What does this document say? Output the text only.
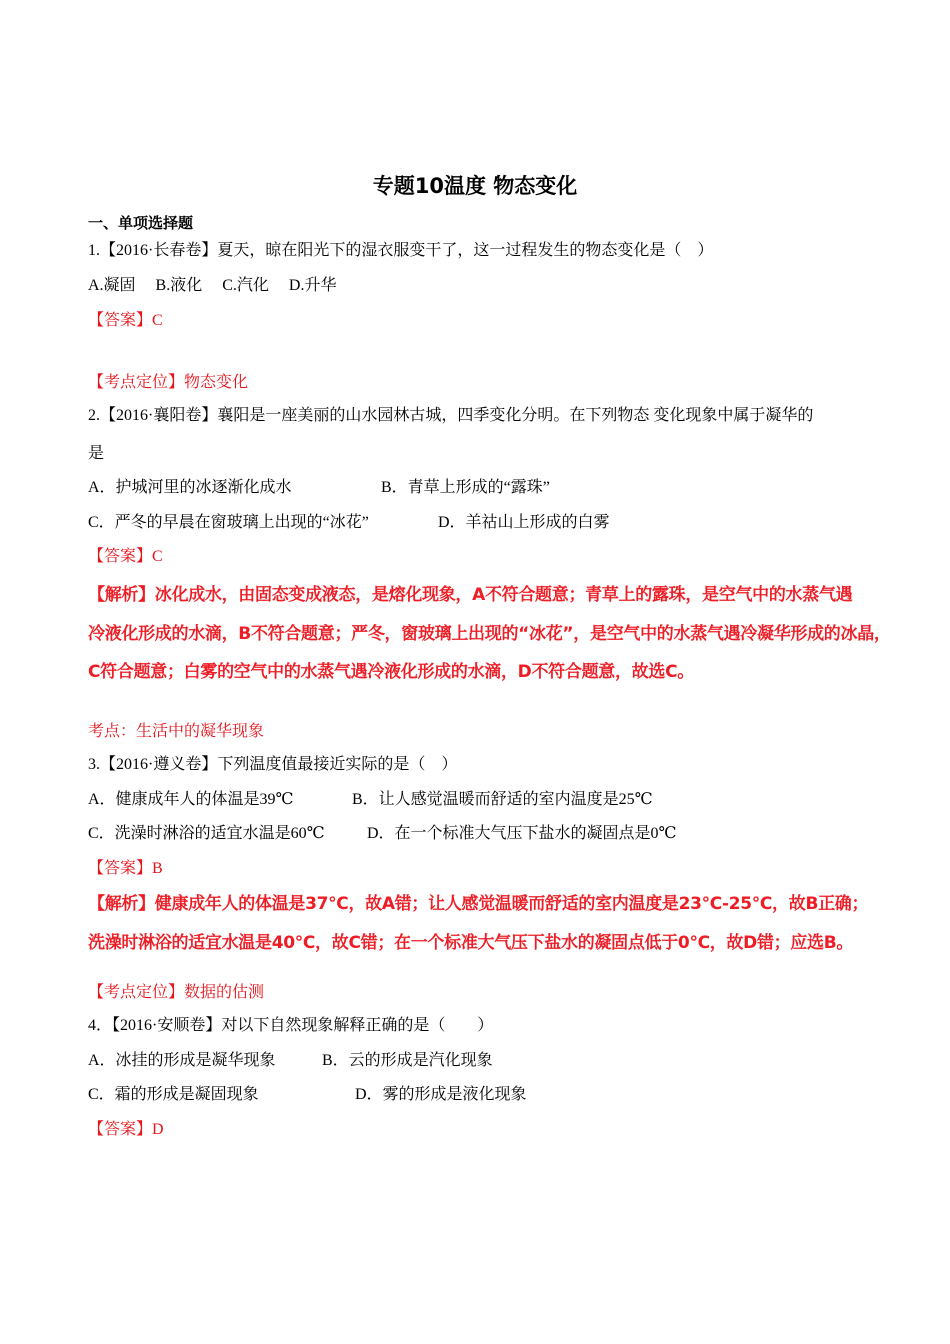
专题10温度 物态变化
一、单项选择题
1.【2016·长春卷】夏天，晾在阳光下的湿衣服变干了，这一过程发生的物态变化是（　）
A.凝固　 B.液化　 C.汽化　 D.升华
【答案】C
【考点定位】物态变化
2.【2016·襄阳卷】襄阳是一座美丽的山水园林古城，四季变化分明。在下列物态 变化现象中属于凝华的
是
A．护城河里的冰逐渐化成水	B．青草上形成的“露珠”
C．严冬的早晨在窗玻璃上出现的“冰花”	D．羊祜山上形成的白雾
【答案】C
【解析】冰化成水，由固态变成液态，是熔化现象，A不符合题意；青草上的露珠，是空气中的水蒸气遇
冷液化形成的水滴，B不符合题意；严冬，窗玻璃上出现的“冰花”，是空气中的水蒸气遇冷凝华形成的冰晶，
C符合题意；白雾的空气中的水蒸气遇冷液化形成的水滴，D不符合题意，故选C。
考点：生活中的凝华现象
3.【2016·遵义卷】下列温度值最接近实际的是（　）
A．健康成年人的体温是39℃	B．让人感觉温暖而舒适的室内温度是25℃
C．洗澡时淋浴的适宜水温是60℃	D．在一个标准大气压下盐水的凝固点是0℃
【答案】B
【解析】健康成年人的体温是37℃，故A错；让人感觉温暖而舒适的室内温度是23℃-25℃，故B正确；
洗澡时淋浴的适宜水温是40℃，故C错；在一个标准大气压下盐水的凝固点低于0℃，故D错；应选B。
【考点定位】数据的估测
4．【2016·安顺卷】对以下自然现象解释正确的是（　　）
A．冰挂的形成是凝华现象	B．云的形成是汽化现象
C．霜的形成是凝固现象	D．雾的形成是液化现象
【答案】D
